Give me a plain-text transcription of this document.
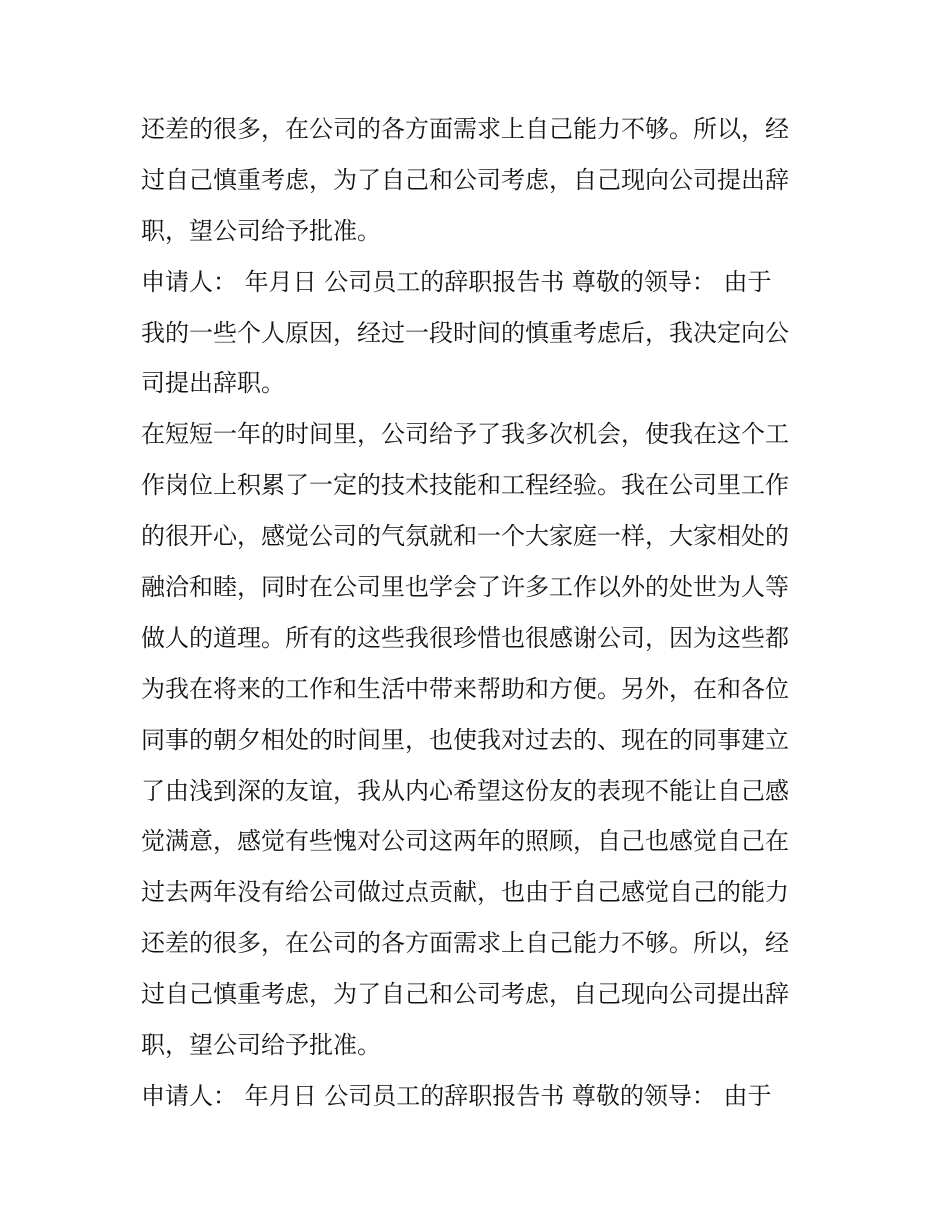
还差的很多，在公司的各方面需求上自己能力不够。所以，经
过自己慎重考虑，为了自己和公司考虑，自己现向公司提出辞
职，望公司给予批准。
申请人： 年月日 公司员工的辞职报告书 尊敬的领导： 由于
我的一些个人原因，经过一段时间的慎重考虑后，我决定向公
司提出辞职。
在短短一年的时间里，公司给予了我多次机会，使我在这个工
作岗位上积累了一定的技术技能和工程经验。我在公司里工作
的很开心，感觉公司的气氛就和一个大家庭一样，大家相处的
融洽和睦，同时在公司里也学会了许多工作以外的处世为人等
做人的道理。所有的这些我很珍惜也很感谢公司，因为这些都
为我在将来的工作和生活中带来帮助和方便。另外，在和各位
同事的朝夕相处的时间里，也使我对过去的、现在的同事建立
了由浅到深的友谊，我从内心希望这份友的表现不能让自己感
觉满意，感觉有些愧对公司这两年的照顾，自己也感觉自己在
过去两年没有给公司做过点贡献，也由于自己感觉自己的能力
还差的很多，在公司的各方面需求上自己能力不够。所以，经
过自己慎重考虑，为了自己和公司考虑，自己现向公司提出辞
职，望公司给予批准。
申请人： 年月日 公司员工的辞职报告书 尊敬的领导： 由于
